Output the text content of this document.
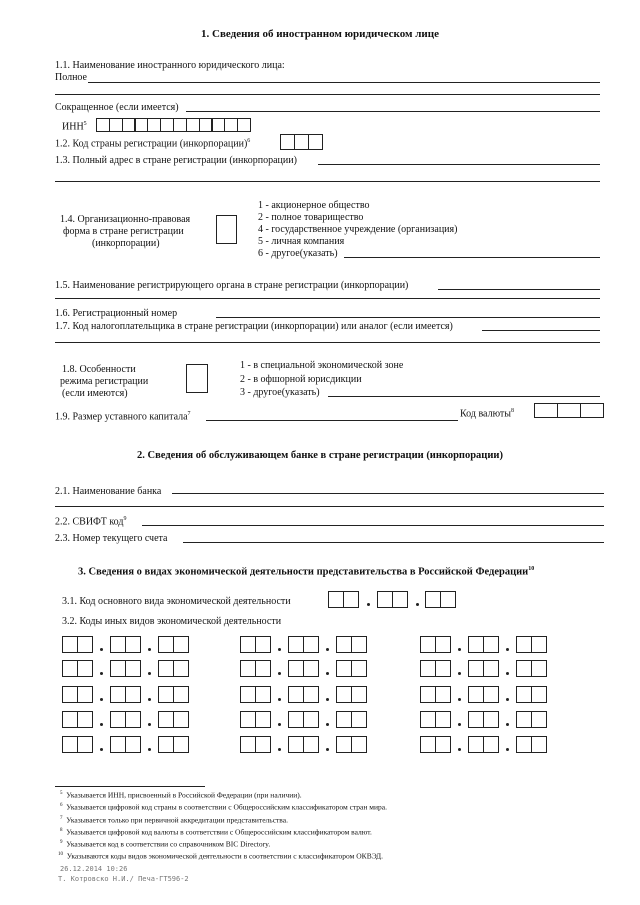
1. Сведения об иностранном юридическом лице
1.1. Наименование иностранного юридического лица:
Полное
Сокращенное (если имеется)
ИНН$^5$
1.2. Код страны регистрации (инкорпорации)$^6$
1.3. Полный адрес в стране регистрации (инкорпорации)
1.4. Организационно-правовая
форма в стране регистрации
(инкорпорации)
1 - акционерное общество
2 - полное товарищество
4 - государственное учреждение (организация)
5 - личная компания
6 - другое(указать)
1.5. Наименование регистрирующего органа в стране регистрации (инкорпорации)
1.6. Регистрационный номер
1.7. Код налогоплательщика в стране регистрации (инкорпорации) или аналог (если имеется)
1.8. Особенности
режима регистрации
(если имеются)
1 - в специальной экономической зоне
2 - в офшорной юрисдикции
3 - другое(указать)
1.9. Размер уставного капитала$^7$	Код валюты$^8$
2. Сведения об обслуживающем банке в стране регистрации (инкорпорации)
2.1. Наименование банка
2.2. СВИФТ код$^9$
2.3. Номер текущего счета
3. Сведения о видах экономической деятельности представительства в Российской Федерации$^{10}$
3.1. Код основного вида экономической деятельности
3.2. Коды иных видов экономической деятельности
$^5$ Указывается ИНН, присвоенный в Российской Федерации (при наличии).
$^6$ Указывается цифровой код страны в соответствии с Общероссийским классификатором стран мира.
$^7$ Указывается только при первичной аккредитации представительства.
$^8$ Указывается цифровой код валюты в соответствии с Общероссийским классификатором валют.
$^9$ Указывается код в соответствии со справочником BIC Directory.
$^{10}$ Указываются коды видов экономической деятельности в соответствии с классификатором ОКВЭД.
26.12.2014 10:26
Т. Котровско Н.И./ Печа-ГТ596-2
